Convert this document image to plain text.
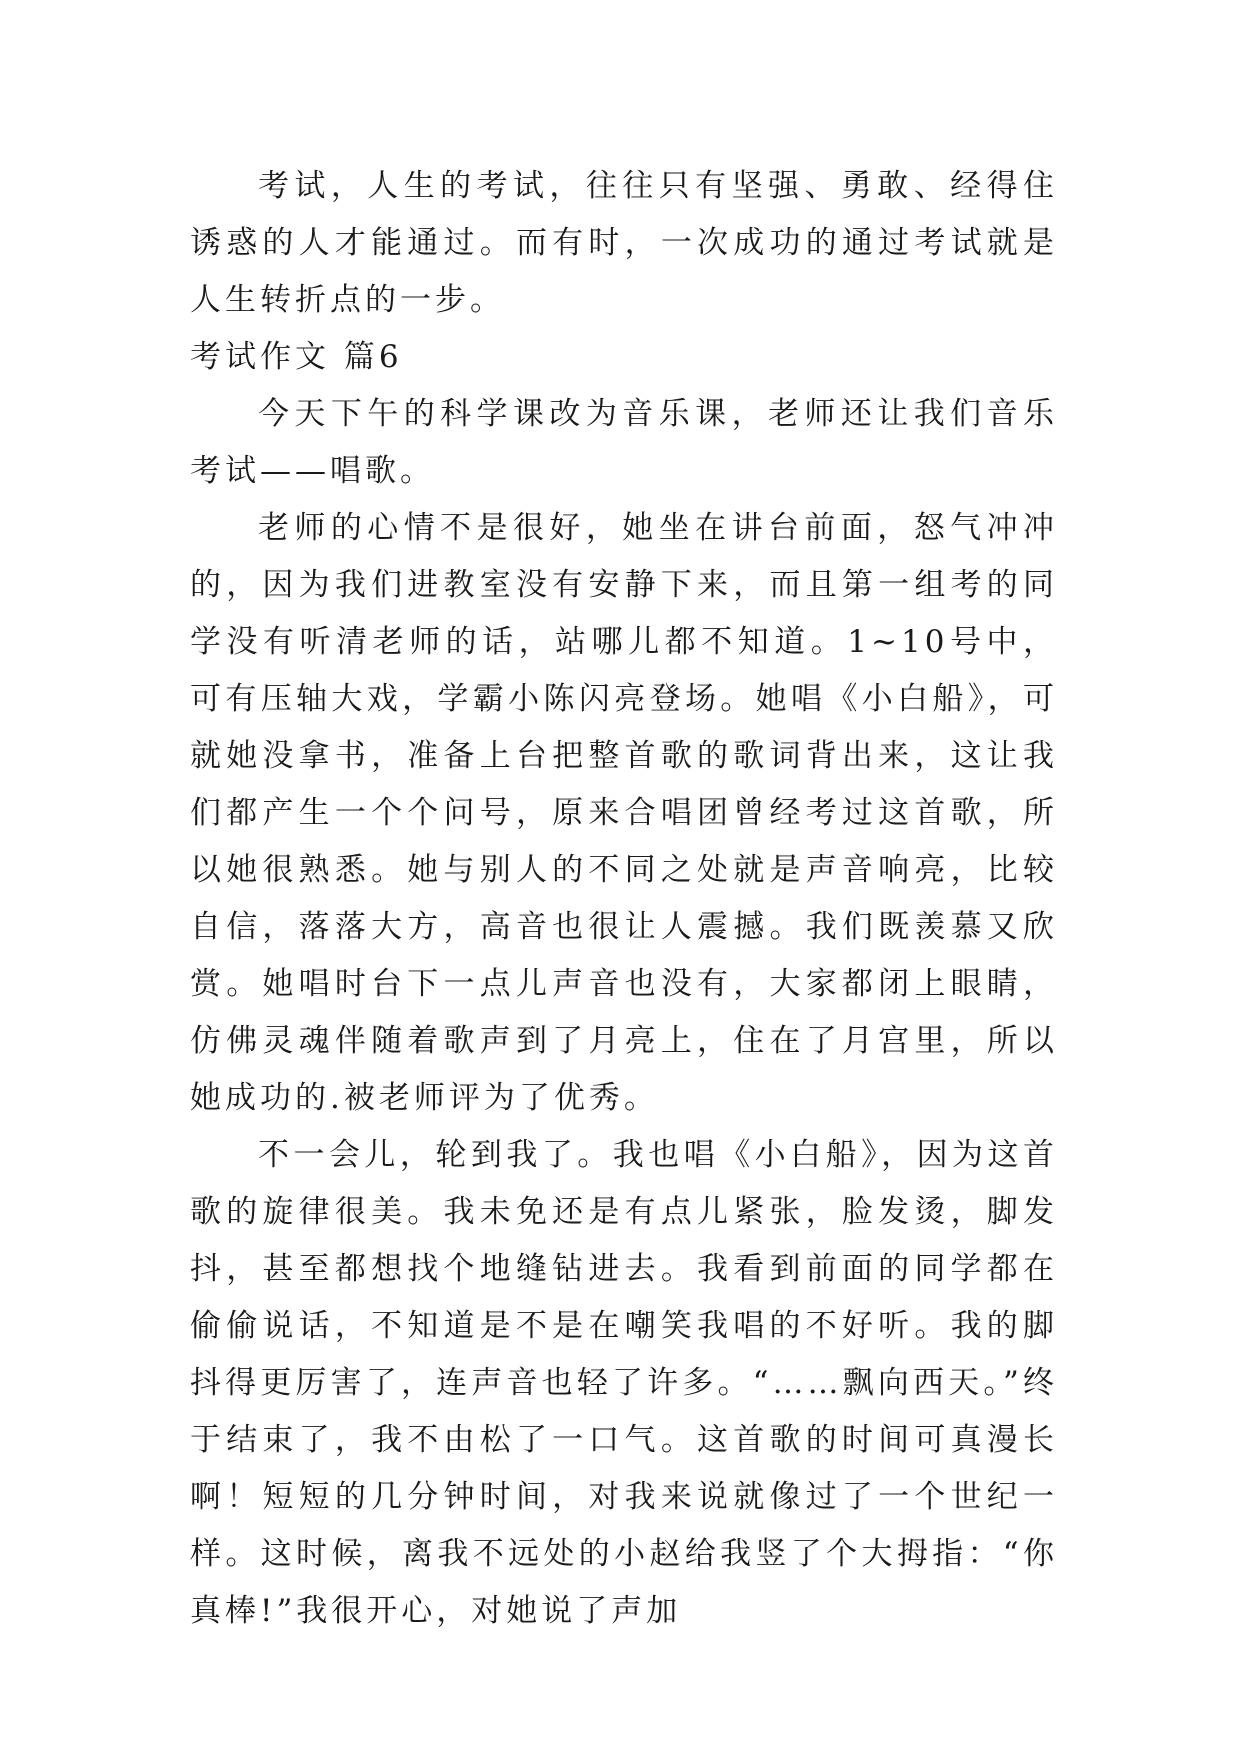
考试，人生的考试，往往只有坚强、勇敢、经得住诱惑的人才能通过。而有时，一次成功的通过考试就是人生转折点的一步。

考试作文 篇6

今天下午的科学课改为音乐课，老师还让我们音乐考试——唱歌。

老师的心情不是很好，她坐在讲台前面，怒气冲冲的，因为我们进教室没有安静下来，而且第一组考的同学没有听清老师的话，站哪儿都不知道。1~10号中，可有压轴大戏，学霸小陈闪亮登场。她唱《小白船》，可就她没拿书，准备上台把整首歌的歌词背出来，这让我们都产生一个个问号，原来合唱团曾经考过这首歌，所以她很熟悉。她与别人的不同之处就是声音响亮，比较自信，落落大方，高音也很让人震撼。我们既羡慕又欣赏。她唱时台下一点儿声音也没有，大家都闭上眼睛，仿佛灵魂伴随着歌声到了月亮上，住在了月宫里，所以她成功的.被老师评为了优秀。

不一会儿，轮到我了。我也唱《小白船》，因为这首歌的旋律很美。我未免还是有点儿紧张，脸发烫，脚发抖，甚至都想找个地缝钻进去。我看到前面的同学都在偷偷说话，不知道是不是在嘲笑我唱的不好听。我的脚抖得更厉害了，连声音也轻了许多。“……飘向西天。”终于结束了，我不由松了一口气。这首歌的时间可真漫长啊！短短的几分钟时间，对我来说就像过了一个世纪一样。这时候，离我不远处的小赵给我竖了个大拇指：“你真棒!”我很开心，对她说了声加
